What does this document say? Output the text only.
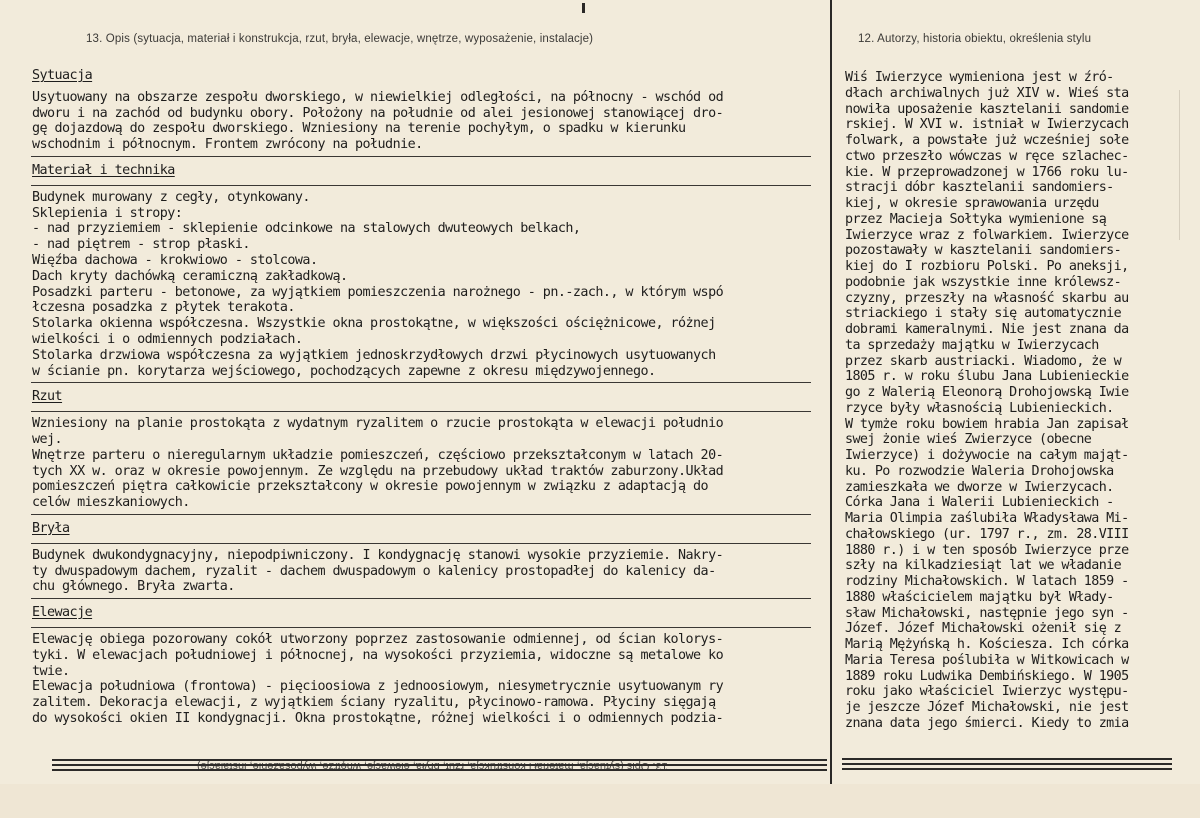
13. Opis (sytuacja, materiał i konstrukcja, rzut, bryła, elewacje, wnętrze, wyposażenie, instalacje)	12. Autorzy, historia obiektu, określenia stylu
Sytuacja
Usytuowany na obszarze zespołu dworskiego, w niewielkiej odległości, na północny - wschód od
dworu i na zachód od budynku obory. Położony na południe od alei jesionowej stanowiącej dro-
gę dojazdową do zespołu dworskiego. Wzniesiony na terenie pochyłym, o spadku w kierunku
wschodnim i północnym. Frontem zwrócony na południe.
Materiał i technika
Budynek murowany z cegły, otynkowany.
Sklepienia i stropy:
- nad przyziemiem - sklepienie odcinkowe na stalowych dwuteowych belkach,
- nad piętrem - strop płaski.
Więźba dachowa - krokwiowo - stolcowa.
Dach kryty dachówką ceramiczną zakładkową.
Posadzki parteru - betonowe, za wyjątkiem pomieszczenia narożnego - pn.-zach., w którym wspó
łczesna posadzka z płytek terakota.
Stolarka okienna współczesna. Wszystkie okna prostokątne, w większości ościężnicowe, różnej
wielkości i o odmiennych podziałach.
Stolarka drzwiowa współczesna za wyjątkiem jednoskrzydłowych drzwi płycinowych usytuowanych
w ścianie pn. korytarza wejściowego, pochodzących zapewne z okresu międzywojennego.
Rzut
Wzniesiony na planie prostokąta z wydatnym ryzalitem o rzucie prostokąta w elewacji południo
wej.
Wnętrze parteru o nieregularnym układzie pomieszczeń, częściowo przekształconym w latach 20-
tych XX w. oraz w okresie powojennym. Ze względu na przebudowy układ traktów zaburzony.Układ
pomieszczeń piętra całkowicie przekształcony w okresie powojennym w związku z adaptacją do
celów mieszkaniowych.
Bryła
Budynek dwukondygnacyjny, niepodpiwniczony. I kondygnację stanowi wysokie przyziemie. Nakry-
ty dwuspadowym dachem, ryzalit - dachem dwuspadowym o kalenicy prostopadłej do kalenicy da-
chu głównego. Bryła zwarta.
Elewacje
Elewację obiega pozorowany cokół utworzony poprzez zastosowanie odmiennej, od ścian kolorys-
tyki. W elewacjach południowej i północnej, na wysokości przyziemia, widoczne są metalowe ko
twie.
Elewacja południowa (frontowa) - pięcioosiowa z jednoosiowym, niesymetrycznie usytuowanym ry
zalitem. Dekoracja elewacji, z wyjątkiem ściany ryzalitu, płycinowo-ramowa. Płyciny sięgają
do wysokości okien II kondygnacji. Okna prostokątne, różnej wielkości i o odmiennych podzia-
Wiś Iwierzyce wymieniona jest w źró-
dłach archiwalnych już XIV w. Wieś sta
nowiła uposażenie kasztelanii sandomie
rskiej. W XVI w. istniał w Iwierzycach
folwark, a powstałe już wcześniej sołe
ctwo przeszło wówczas w ręce szlachec-
kie. W przeprowadzonej w 1766 roku lu-
stracji dóbr kasztelanii sandomiers-
kiej, w okresie sprawowania urzędu
przez Macieja Sołtyka wymienione są
Iwierzyce wraz z folwarkiem. Iwierzyce
pozostawały w kasztelanii sandomiers-
kiej do I rozbioru Polski. Po aneksji,
podobnie jak wszystkie inne królewsz-
czyzny, przeszły na własność skarbu au
striackiego i stały się automatycznie
dobrami kameralnymi. Nie jest znana da
ta sprzedaży majątku w Iwierzycach
przez skarb austriacki. Wiadomo, że w
1805 r. w roku ślubu Jana Lubienieckie
go z Walerią Eleonorą Drohojowską Iwie
rzyce były własnością Lubienieckich.
W tymże roku bowiem hrabia Jan zapisał
swej żonie wieś Zwierzyce (obecne
Iwierzyce) i dożywocie na całym mająt-
ku. Po rozwodzie Waleria Drohojowska
zamieszkała we dworze w Iwierzycach.
Córka Jana i Walerii Lubienieckich -
Maria Olimpia zaślubiła Władysława Mi-
chałowskiego (ur. 1797 r., zm. 28.VIII
1880 r.) i w ten sposób Iwierzyce prze
szły na kilkadziesiąt lat we władanie
rodziny Michałowskich. W latach 1859 -
1880 właścicielem majątku był Włady-
sław Michałowski, następnie jego syn -
Józef. Józef Michałowski ożenił się z
Marią Mężyńską h. Kościesza. Ich córka
Maria Teresa poślubiła w Witkowicach w
1889 roku Ludwika Dembińskiego. W 1905
roku jako właściciel Iwierzyc występu-
je jeszcze Józef Michałowski, nie jest
znana data jego śmierci. Kiedy to zmia
13. Opis (sytuacja, materiał i konstrukcja, rzut, bryła, elewacje, wnętrze, wyposażenie, instalacje)
